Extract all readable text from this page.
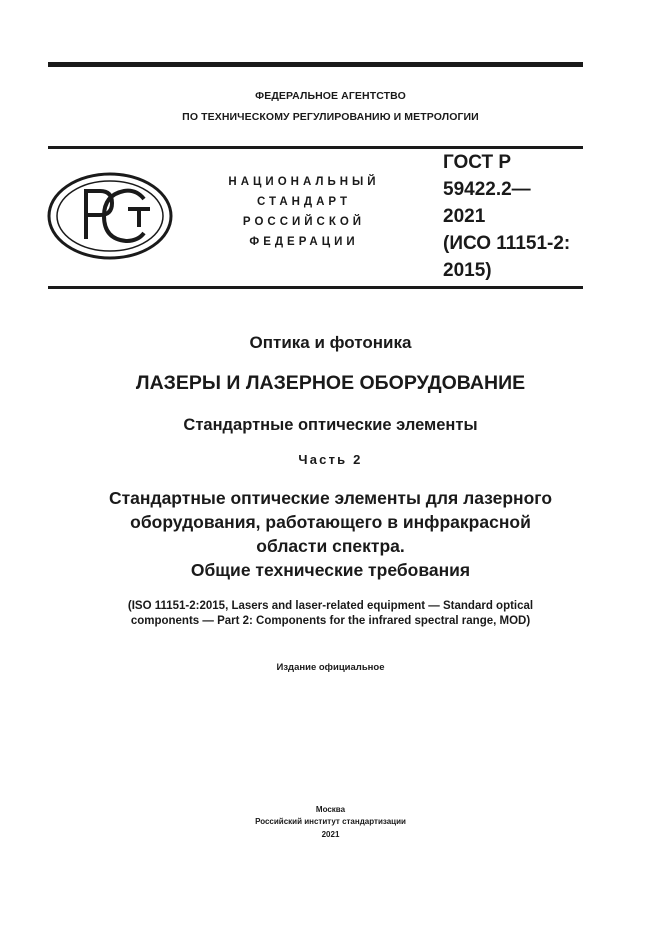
ФЕДЕРАЛЬНОЕ АГЕНТСТВО
ПО ТЕХНИЧЕСКОМУ РЕГУЛИРОВАНИЮ И МЕТРОЛОГИИ
НАЦИОНАЛЬНЫЙ
СТАНДАРТ
РОССИЙСКОЙ
ФЕДЕРАЦИИ
ГОСТ Р
59422.2—
2021
(ИСО 11151-2:
2015)
Оптика и фотоника
ЛАЗЕРЫ И ЛАЗЕРНОЕ ОБОРУДОВАНИЕ
Стандартные оптические элементы
Часть 2
Стандартные оптические элементы для лазерного
оборудования, работающего в инфракрасной
области спектра.
Общие технические требования
(ISO 11151-2:2015, Lasers and laser-related equipment — Standard optical
components — Part 2: Components for the infrared spectral range, MOD)
Издание официальное
Москва
Российский институт стандартизации
2021
